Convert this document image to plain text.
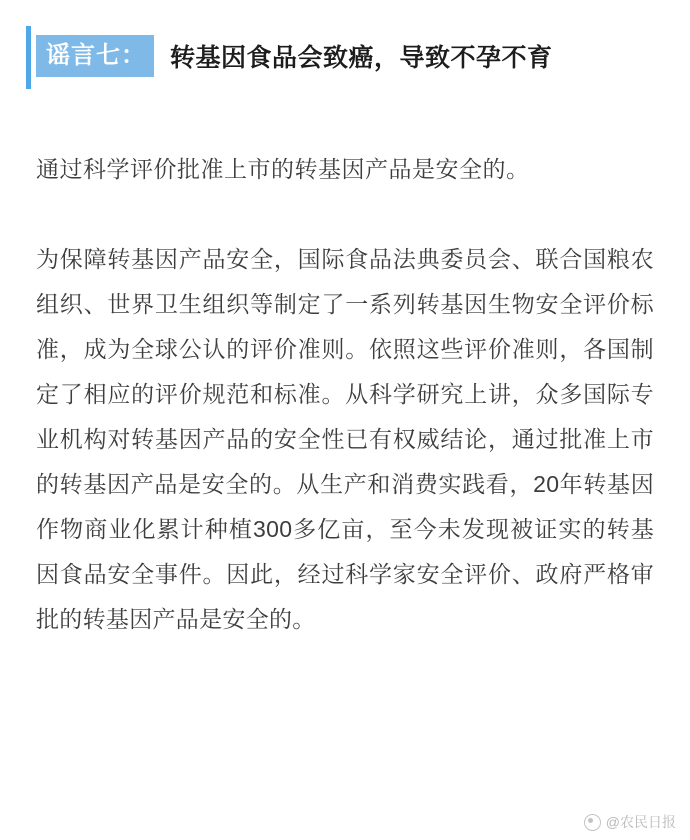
谣言七： 转基因食品会致癌，导致不孕不育
通过科学评价批准上市的转基因产品是安全的。
为保障转基因产品安全，国际食品法典委员会、联合国粮农组织、世界卫生组织等制定了一系列转基因生物安全评价标准，成为全球公认的评价准则。依照这些评价准则，各国制定了相应的评价规范和标准。从科学研究上讲，众多国际专业机构对转基因产品的安全性已有权威结论，通过批准上市的转基因产品是安全的。从生产和消费实践看，20年转基因作物商业化累计种植300多亿亩，至今未发现被证实的转基因食品安全事件。因此，经过科学家安全评价、政府严格审批的转基因产品是安全的。
@农民日报
